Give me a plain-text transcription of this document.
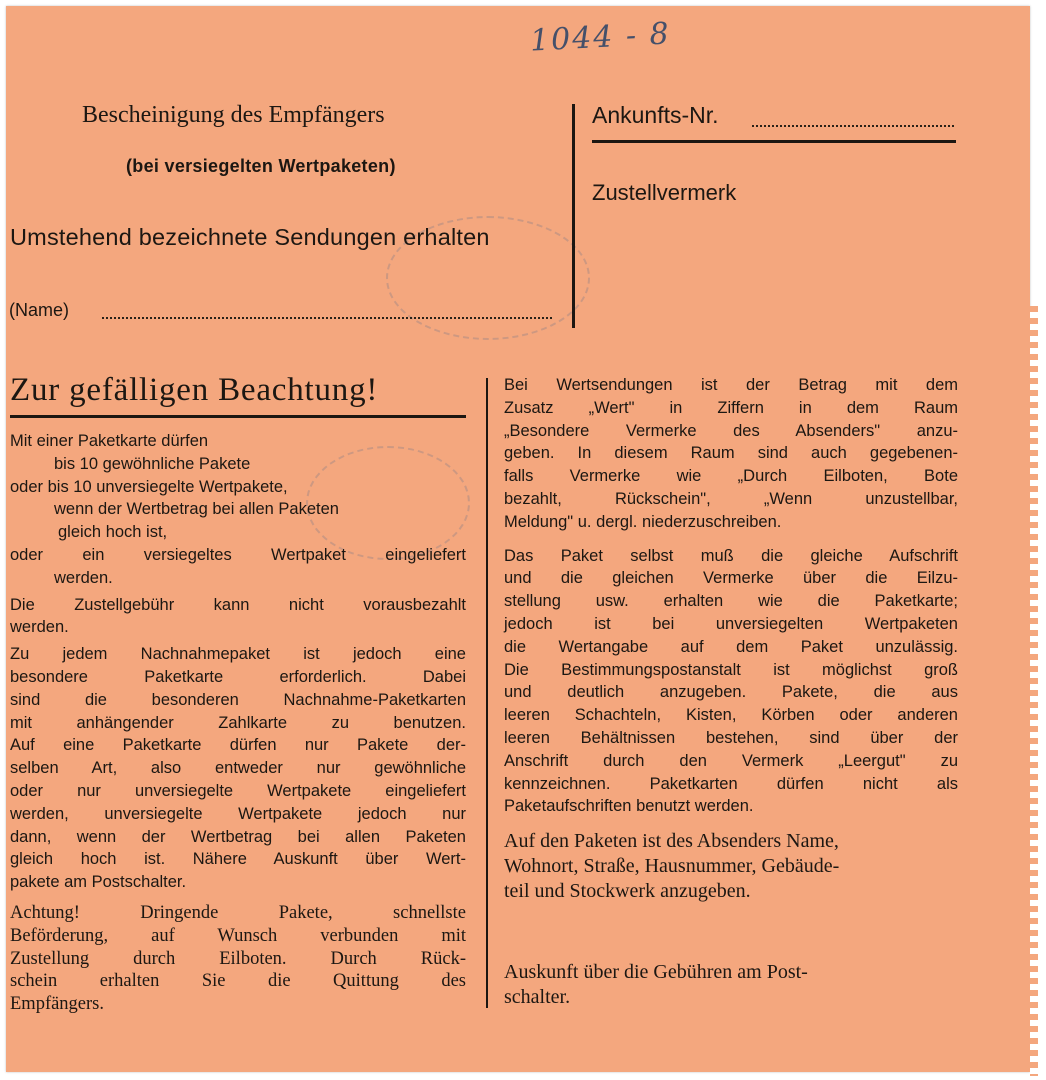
1044 - 8
Bescheinigung des Empfängers
(bei versiegelten Wertpaketen)
Umstehend bezeichnete Sendungen erhalten
(Name)
Ankunfts-Nr.
Zustellvermerk
Zur gefälligen Beachtung!

Mit einer Paketkarte dürfen

bis 10 gewöhnliche Pakete

oder bis 10 unversiegelte Wertpakete,

wenn der Wertbetrag bei allen Paketen

gleich hoch ist,

oder ein versiegeltes Wertpaket eingeliefert

werden.

Die Zustellgebühr kann nicht vorausbezahlt

werden.

Zu jedem Nachnahmepaket ist jedoch eine

besondere Paketkarte erforderlich. Dabei

sind die besonderen Nachnahme-Paketkarten

mit anhängender Zahlkarte zu benutzen.

Auf eine Paketkarte dürfen nur Pakete der-

selben Art, also entweder nur gewöhnliche

oder nur unversiegelte Wertpakete eingeliefert

werden, unversiegelte Wertpakete jedoch nur

dann, wenn der Wertbetrag bei allen Paketen

gleich hoch ist. Nähere Auskunft über Wert-

pakete am Postschalter.

Achtung! Dringende Pakete, schnellste

Beförderung, auf Wunsch verbunden mit

Zustellung durch Eilboten. Durch Rück-

schein erhalten Sie die Quittung des

Empfängers.

Bei Wertsendungen ist der Betrag mit dem

Zusatz „Wert" in Ziffern in dem Raum

„Besondere Vermerke des Absenders" anzu-

geben. In diesem Raum sind auch gegebenen-

falls Vermerke wie „Durch Eilboten, Bote

bezahlt, Rückschein", „Wenn unzustellbar,

Meldung" u. dergl. niederzuschreiben.

Das Paket selbst muß die gleiche Aufschrift

und die gleichen Vermerke über die Eilzu-

stellung usw. erhalten wie die Paketkarte;

jedoch ist bei unversiegelten Wertpaketen

die Wertangabe auf dem Paket unzulässig.

Die Bestimmungspostanstalt ist möglichst groß

und deutlich anzugeben. Pakete, die aus

leeren Schachteln, Kisten, Körben oder anderen

leeren Behältnissen bestehen, sind über der

Anschrift durch den Vermerk „Leergut" zu

kennzeichnen. Paketkarten dürfen nicht als

Paketaufschriften benutzt werden.

Auf den Paketen ist des Absenders Name,

Wohnort, Straße, Hausnummer, Gebäude-

teil und Stockwerk anzugeben.

Auskunft über die Gebühren am Post-

schalter.
